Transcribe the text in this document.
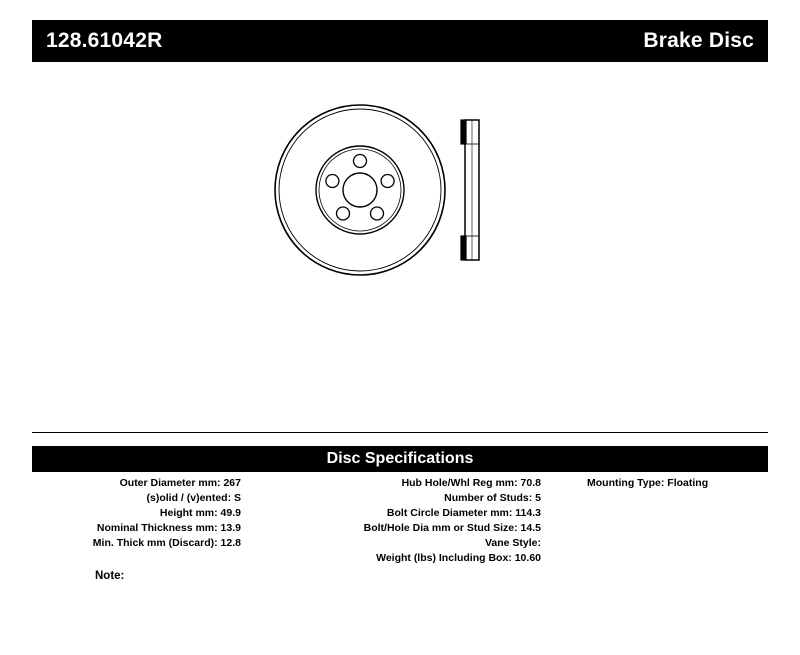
128.61042R	Brake Disc
Disc Specifications
Outer Diameter mm: 267
(s)olid / (v)ented: S
Height mm: 49.9
Nominal Thickness mm: 13.9
Min. Thick mm (Discard): 12.8
Hub Hole/Whl Reg mm: 70.8
Number of Studs: 5
Bolt Circle Diameter mm: 114.3
Bolt/Hole Dia mm or Stud Size: 14.5
Vane Style:
Weight (lbs) Including Box: 10.60
Mounting Type: Floating
Note:
